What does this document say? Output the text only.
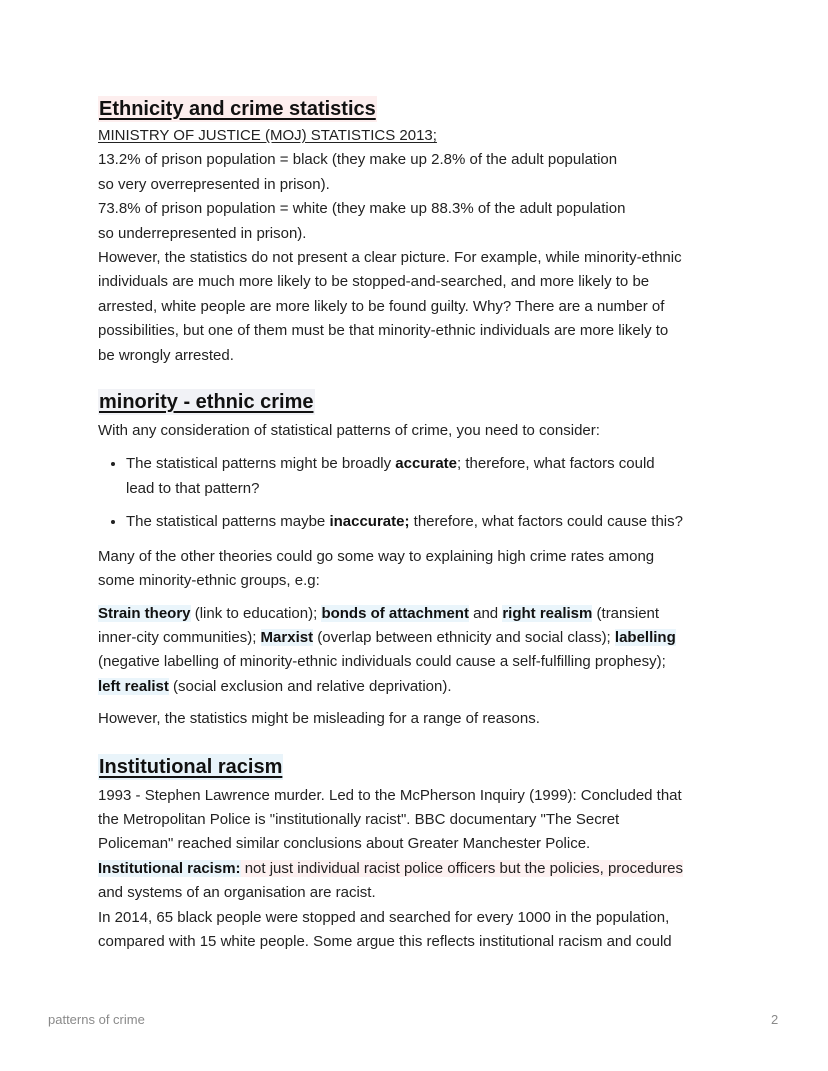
Ethnicity and crime statistics

MINISTRY OF JUSTICE (MOJ) STATISTICS 2013;

13.2% of prison population = black (they make up 2.8% of the adult population

so very overrepresented in prison).

73.8% of prison population = white (they make up 88.3% of the adult population

so underrepresented in prison).

However, the statistics do not present a clear picture. For example, while minority-ethnic

individuals are much more likely to be stopped-and-searched, and more likely to be

arrested, white people are more likely to be found guilty. Why? There are a number of

possibilities, but one of them must be that minority-ethnic individuals are more likely to

be wrongly arrested.

minority - ethnic crime

With any consideration of statistical patterns of crime, you need to consider:

• The statistical patterns might be broadly accurate; therefore, what factors could
lead to that pattern?
• The statistical patterns maybe inaccurate; therefore, what factors could cause this?

Many of the other theories could go some way to explaining high crime rates among
some minority-ethnic groups, e.g:

Strain theory (link to education); bonds of attachment and right realism (transient
inner-city communities); Marxist (overlap between ethnicity and social class); labelling
(negative labelling of minority-ethnic individuals could cause a self-fulfilling prophesy);
left realist (social exclusion and relative deprivation).

However, the statistics might be misleading for a range of reasons.

Institutional racism

1993 - Stephen Lawrence murder. Led to the McPherson Inquiry (1999): Concluded that

the Metropolitan Police is "institutionally racist". BBC documentary "The Secret

Policeman" reached similar conclusions about Greater Manchester Police.

Institutional racism: not just individual racist police officers but the policies, procedures

and systems of an organisation are racist.

In 2014, 65 black people were stopped and searched for every 1000 in the population,

compared with 15 white people. Some argue this reflects institutional racism and could

patterns of crime	2
